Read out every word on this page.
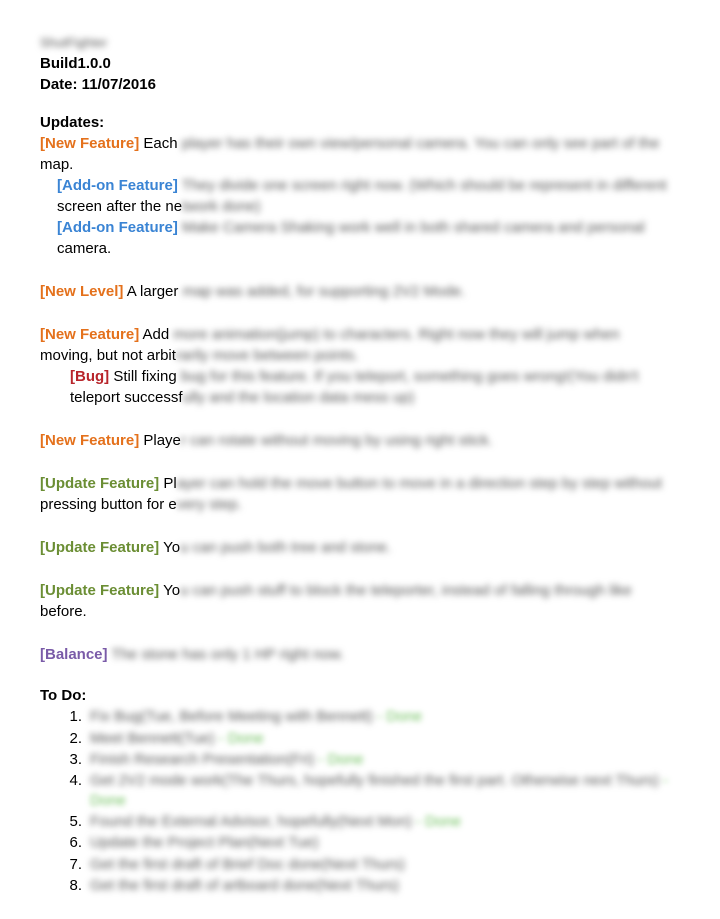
ShutFighter
Build1.0.0
Date: 11/07/2016
Updates:
[New Feature] Each player has their own view/personal camera. You can only see part of the
map.
[Add-on Feature] They divide one screen right now. (Which should be represent in different
screen after the network done)
[Add-on Feature] Make Camera Shaking work well in both shared camera and personal
camera.
[New Level] A larger map was added, for supporting 2V2 Mode.
[New Feature] Add more animation(jump) to characters. Right now they will jump when
moving, but not arbitrarily move between points.
[Bug] Still fixing bug for this feature. If you teleport, something goes wrong!(You didn't
teleport successfully and the location data mess up)
[New Feature] Player can rotate without moving by using right stick.
[Update Feature] Player can hold the move button to move in a direction step by step without
pressing button for every step.
[Update Feature] You can push both tree and stone.
[Update Feature] You can push stuff to block the teleporter, instead of falling through like
before.
[Balance] The stone has only 1 HP right now.
To Do:
1. Fix Bug(Tue, Before Meeting with Bennett) - Done
2. Meet Bennett(Tue) - Done
3. Finish Research Presentation(Fri) - Done
4. Get 2V2 mode work(The Thurs, hopefully finished the first part. Otherwise next Thurs) - Done
5. Found the External Advisor, hopefully(Next Mon) - Done
6. Update the Project Plan(Next Tue)
7. Get the first draft of Brief Doc done(Next Thurs)
8. Get the first draft of artboard done(Next Thurs)
